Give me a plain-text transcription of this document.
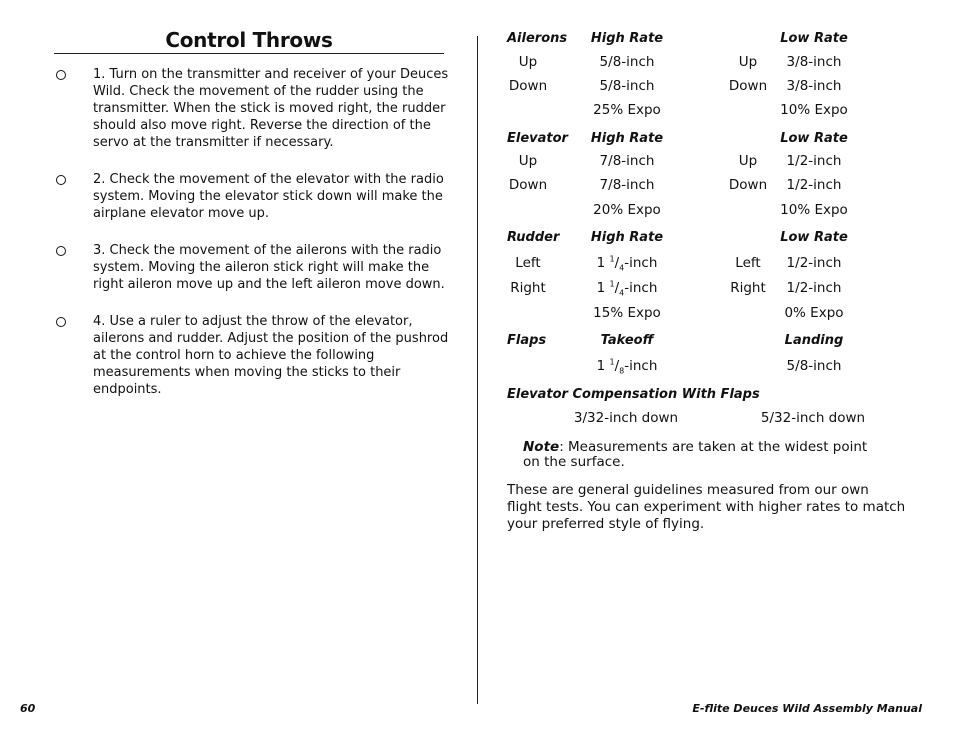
Control Throws
1. Turn on the transmitter and receiver of your Deuces Wild. Check the movement of the rudder using the transmitter. When the stick is moved right, the rudder should also move right. Reverse the direction of the servo at the transmitter if necessary.
2. Check the movement of the elevator with the radio system. Moving the elevator stick down will make the airplane elevator move up.
3. Check the movement of the ailerons with the radio system. Moving the aileron stick right will make the right aileron move up and the left aileron move down.
4. Use a ruler to adjust the throw of the elevator, ailerons and rudder. Adjust the position of the pushrod at the control horn to achieve the following measurements when moving the sticks to their endpoints.
Ailerons High Rate	Low Rate
Up	5/8-inch	Up 3/8-inch
Down	5/8-inch	Down 3/8-inch
25% Expo	10% Expo
Elevator High Rate	Low Rate
Up	7/8-inch	Up 1/2-inch
Down	7/8-inch	Down 1/2-inch
20% Expo	10% Expo
Rudder High Rate	Low Rate
Left	1 $^1/_4$-inch	Left 1/2-inch
Right	1 $^1/_4$-inch	Right 1/2-inch
15% Expo	0% Expo
Flaps	Takeoff	Landing
1 $^1/_8$-inch	5/8-inch
Elevator Compensation With Flaps
3/32-inch down	5/32-inch down
Note: Measurements are taken at the widest point on the surface.
These are general guidelines measured from our own flight tests. You can experiment with higher rates to match your preferred style of flying.
60	E-flite Deuces Wild Assembly Manual
